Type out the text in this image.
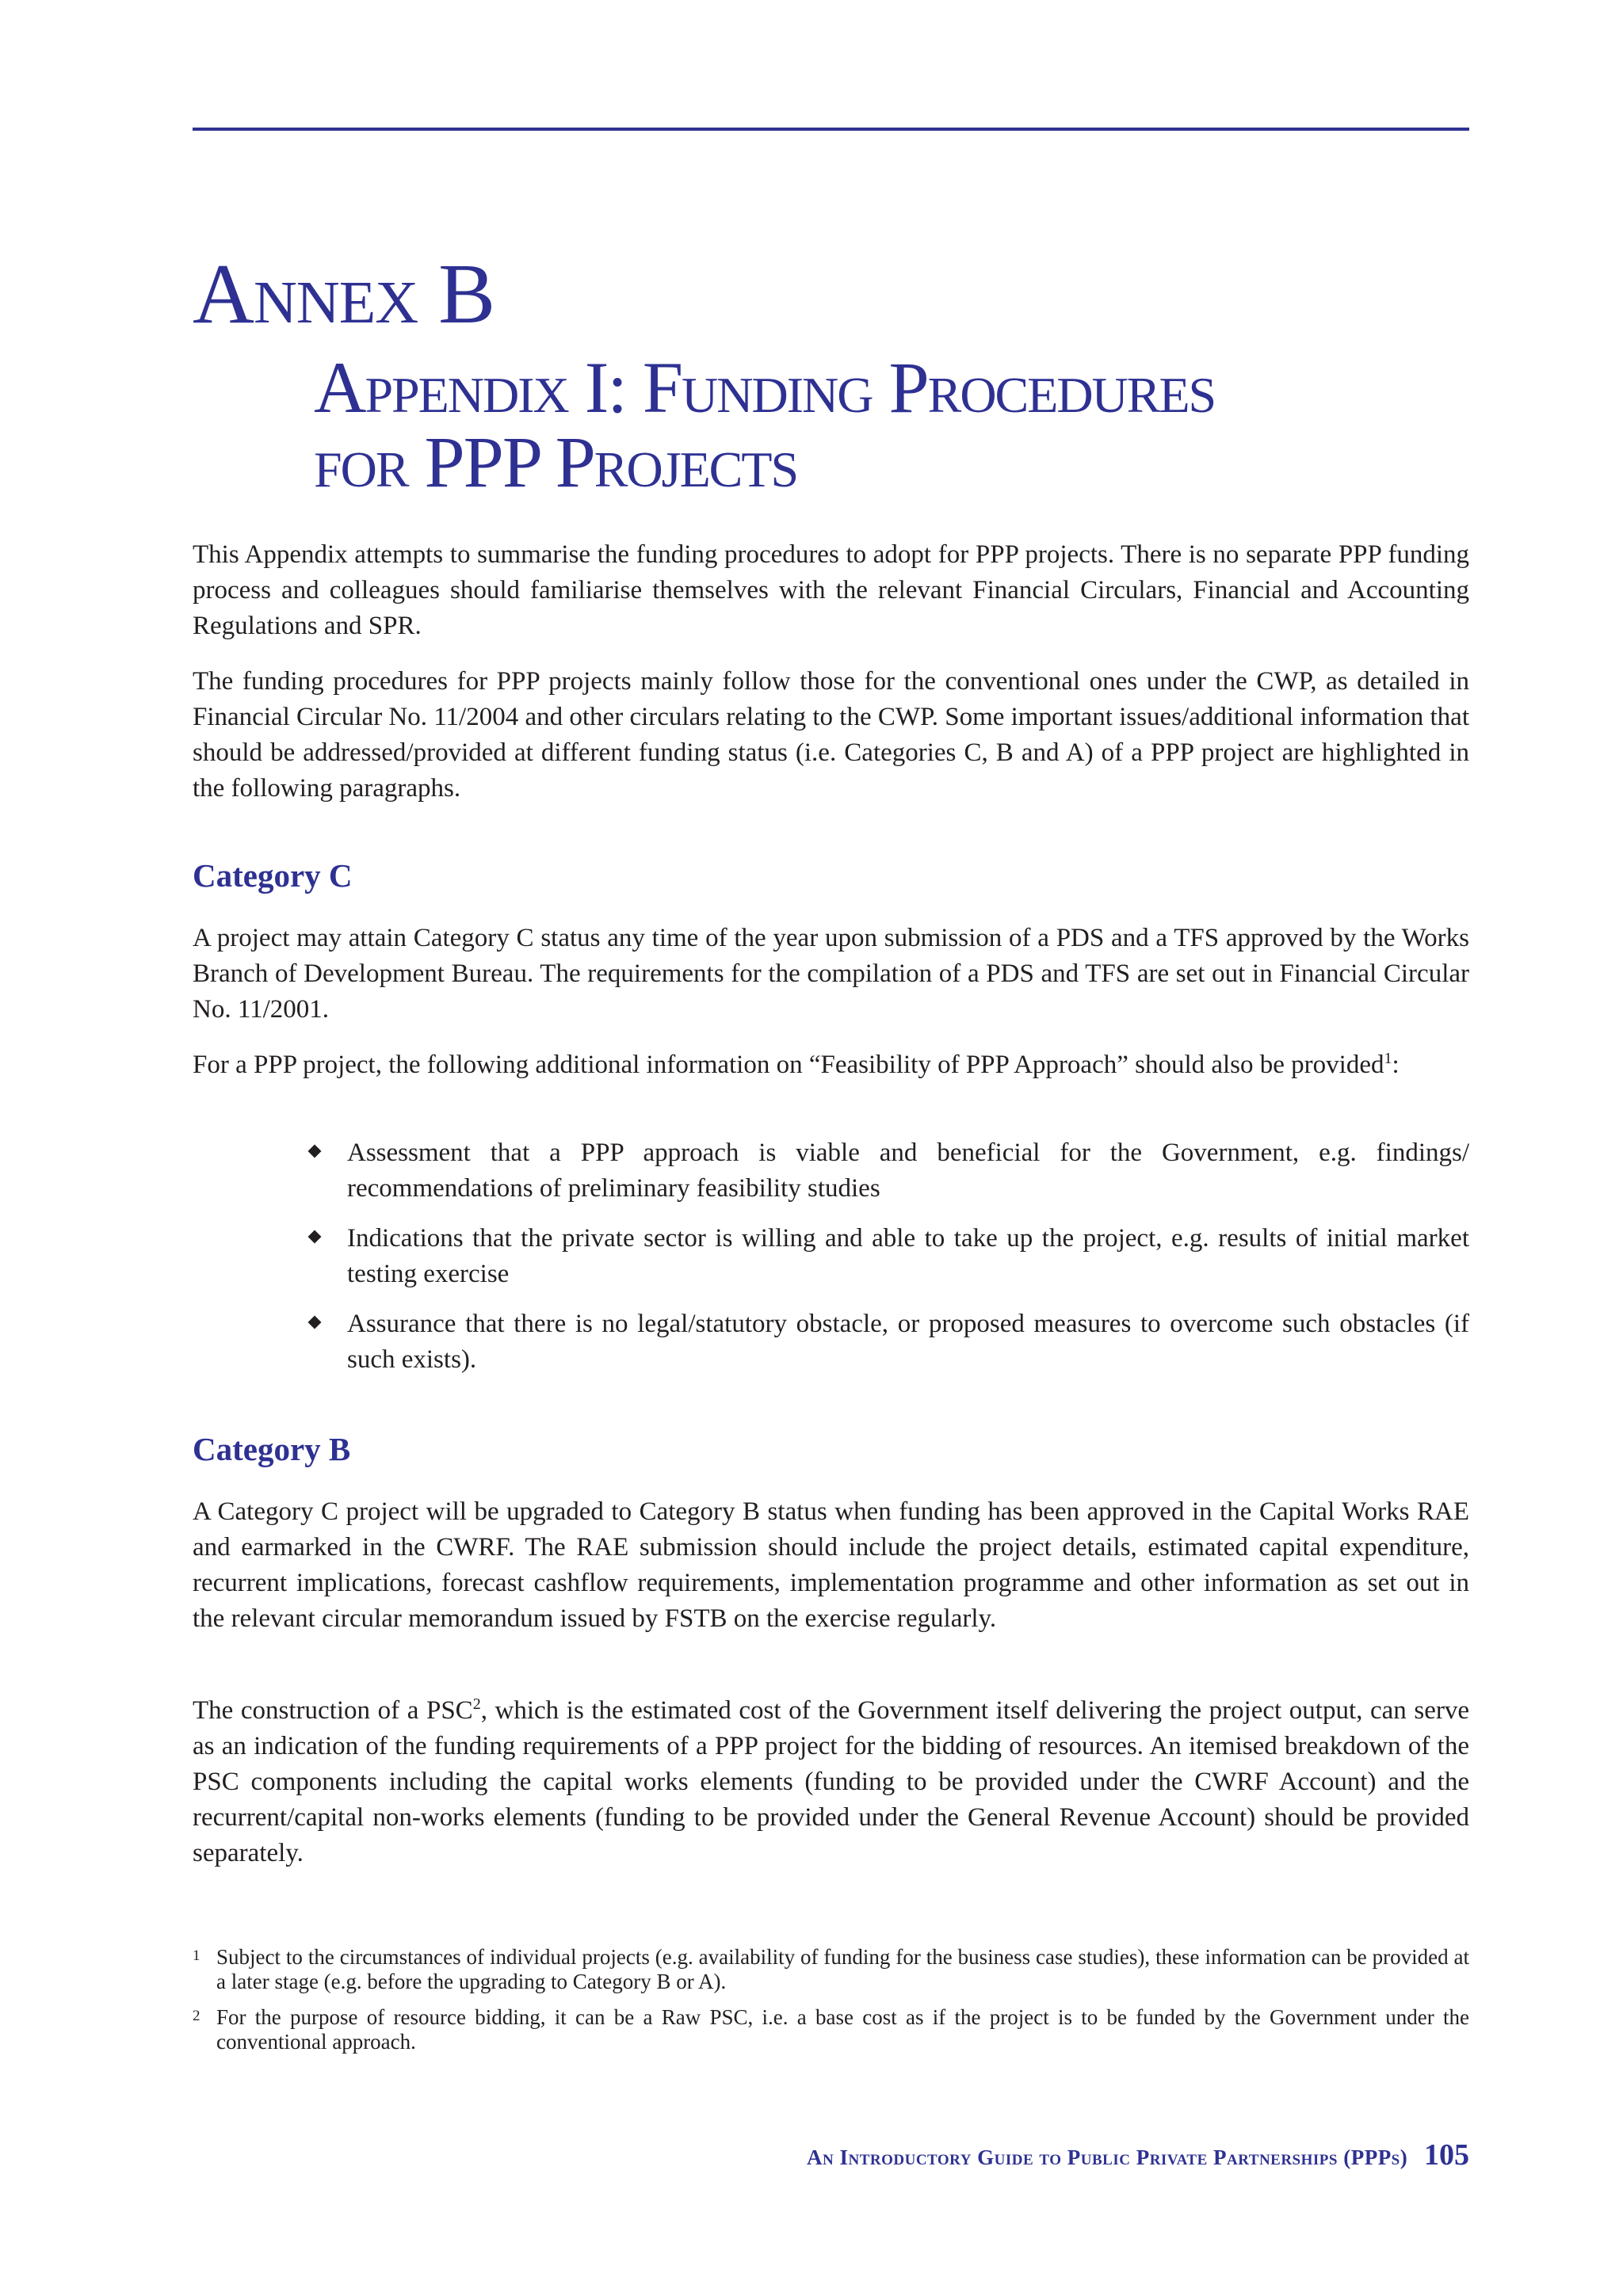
Annex B
Appendix I: Funding Procedures
for PPP Projects

This Appendix attempts to summarise the funding procedures to adopt for PPP projects. There is no separate PPP funding process and colleagues should familiarise themselves with the relevant Financial Circulars, Financial and Accounting Regulations and SPR.

The funding procedures for PPP projects mainly follow those for the conventional ones under the CWP, as detailed in Financial Circular No. 11/2004 and other circulars relating to the CWP. Some important issues/additional information that should be addressed/provided at different funding status (i.e. Categories C, B and A) of a PPP project are highlighted in the following paragraphs.

Category C

A project may attain Category C status any time of the year upon submission of a PDS and a TFS approved by the Works Branch of Development Bureau. The requirements for the compilation of a PDS and TFS are set out in Financial Circular No. 11/2001.

For a PPP project, the following additional information on “Feasibility of PPP Approach” should also be provided$^1$:

Assessment that a PPP approach is viable and beneficial for the Government, e.g. findings/ recommendations of preliminary feasibility studies
Indications that the private sector is willing and able to take up the project, e.g. results of initial market testing exercise
Assurance that there is no legal/statutory obstacle, or proposed measures to overcome such obstacles (if such exists).
Category B

A Category C project will be upgraded to Category B status when funding has been approved in the Capital Works RAE and earmarked in the CWRF. The RAE submission should include the project details, estimated capital expenditure, recurrent implications, forecast cashflow requirements, implementation programme and other information as set out in the relevant circular memorandum issued by FSTB on the exercise regularly.

The construction of a PSC$^2$, which is the estimated cost of the Government itself delivering the project output, can serve as an indication of the funding requirements of a PPP project for the bidding of resources. An itemised breakdown of the PSC components including the capital works elements (funding to be provided under the CWRF Account) and the recurrent/capital non-works elements (funding to be provided under the General Revenue Account) should be provided separately.

1 Subject to the circumstances of individual projects (e.g. availability of funding for the business case studies), these information can be provided at a later stage (e.g. before the upgrading to Category B or A).

2 For the purpose of resource bidding, it can be a Raw PSC, i.e. a base cost as if the project is to be funded by the Government under the conventional approach.

An Introductory Guide to Public Private Partnerships (PPPs) 105
